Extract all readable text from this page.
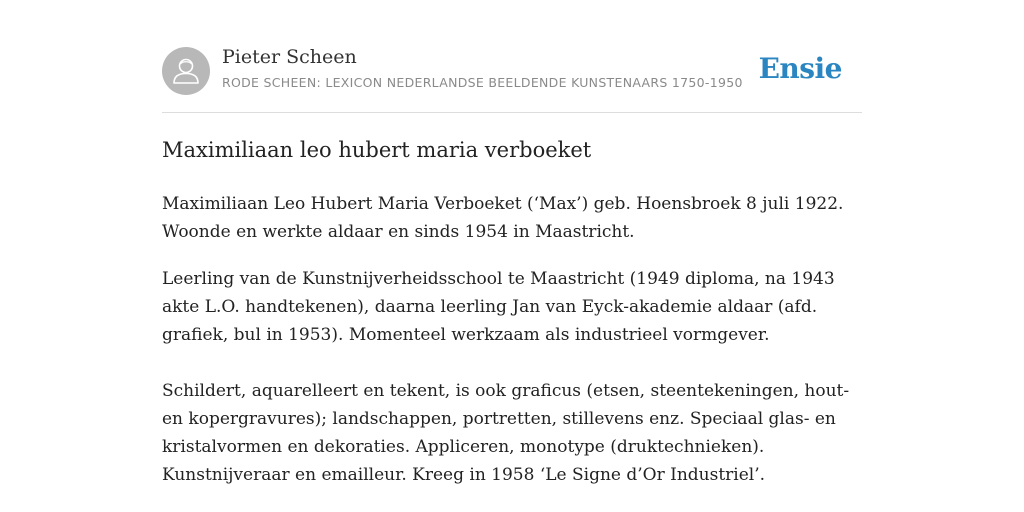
Pieter Scheen
RODE SCHEEN: LEXICON NEDERLANDSE BEELDENDE KUNSTENAARS 1750-1950 Ensie
Maximiliaan leo hubert maria verboeket

Maximiliaan Leo Hubert Maria Verboeket (‘Max’) geb. Hoensbroek 8 juli 1922.
Woonde en werkte aldaar en sinds 1954 in Maastricht.

Leerling van de Kunstnijverheidsschool te Maastricht (1949 diploma, na 1943
akte L.O. handtekenen), daarna leerling Jan van Eyck-akademie aldaar (afd.
grafiek, bul in 1953). Momenteel werkzaam als industrieel vormgever.

Schildert, aquarelleert en tekent, is ook graficus (etsen, steentekeningen, hout-
en kopergravures); landschappen, portretten, stillevens enz. Speciaal glas- en
kristalvormen en dekoraties. Appliceren, monotype (druktechnieken).
Kunstnijveraar en emailleur. Kreeg in 1958 ‘Le Signe d’Or Industriel’.
